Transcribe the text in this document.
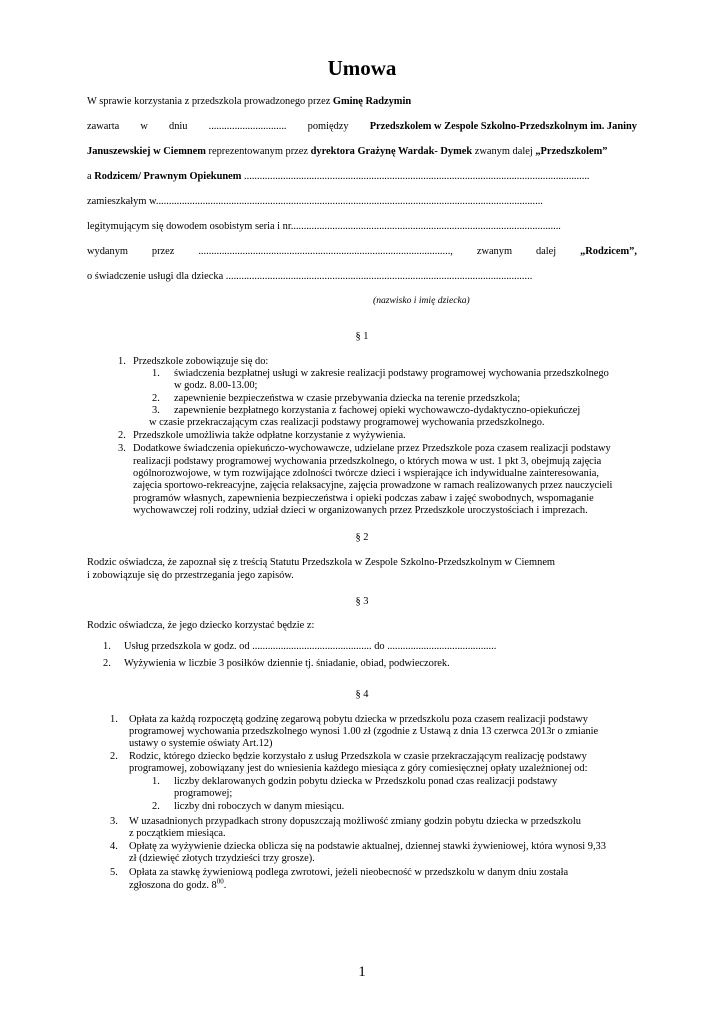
Umowa
W sprawie korzystania z przedszkola prowadzonego przez Gminę Radzymin
zawarta w dniu .............................. pomiędzy Przedszkolem w Zespole Szkolno-Przedszkolnym im. Janiny
Januszewskiej w Ciemnem reprezentowanym przez dyrektora Grażynę Wardak- Dymek zwanym dalej „Przedszkolem”
a Rodzicem/ Prawnym Opiekunem .....................................................................................................................................
zamieszkałym w.....................................................................................................................................................
legitymującym się dowodem osobistym seria i nr........................................................................................................
wydanym przez ................................................................................................., zwanym dalej „Rodzicem”,
o świadczenie usługi dla dziecka ......................................................................................................................
(nazwisko i imię dziecka)
§ 1
1. Przedszkole zobowiązuje się do:
1. świadczenia bezpłatnej usługi w zakresie realizacji podstawy programowej wychowania przedszkolnego
w godz. 8.00-13.00;
2. zapewnienie bezpieczeństwa w czasie przebywania dziecka na terenie przedszkola;
3. zapewnienie bezpłatnego korzystania z fachowej opieki wychowawczo-dydaktyczno-opiekuńczej
w czasie przekraczającym czas realizacji podstawy programowej wychowania przedszkolnego.
2. Przedszkole umożliwia także odpłatne korzystanie z wyżywienia.
3. Dodatkowe świadczenia opiekuńczo-wychowawcze, udzielane przez Przedszkole poza czasem realizacji podstawy
realizacji podstawy programowej wychowania przedszkolnego, o których mowa w ust. 1 pkt 3, obejmują zajęcia
ogólnorozwojowe, w tym rozwijające zdolności twórcze dzieci i wspierające ich indywidualne zainteresowania,
zajęcia sportowo-rekreacyjne, zajęcia relaksacyjne, zajęcia prowadzone w ramach realizowanych przez nauczycieli
programów własnych, zapewnienia bezpieczeństwa i opieki podczas zabaw i zajęć swobodnych, wspomaganie
wychowawczej roli rodziny, udział dzieci w organizowanych przez Przedszkole uroczystościach i imprezach.
§ 2
Rodzic oświadcza, że zapoznał się z treścią Statutu Przedszkola w Zespole Szkolno-Przedszkolnym w Ciemnem
i zobowiązuje się do przestrzegania jego zapisów.
§ 3
Rodzic oświadcza, że jego dziecko korzystać będzie z:
1. Usług przedszkola w godz. od .............................................. do ..........................................
2. Wyżywienia w liczbie 3 posiłków dziennie tj. śniadanie, obiad, podwieczorek.
§ 4
1. Opłata za każdą rozpoczętą godzinę zegarową pobytu dziecka w przedszkolu poza czasem realizacji podstawy
programowej wychowania przedszkolnego wynosi 1.00 zł (zgodnie z Ustawą z dnia 13 czerwca 2013r o zmianie
ustawy o systemie oświaty Art.12)
2. Rodzic, którego dziecko będzie korzystało z usług Przedszkola w czasie przekraczającym realizację podstawy
programowej, zobowiązany jest do wniesienia każdego miesiąca z góry comiesięcznej opłaty uzależnionej od:
1. liczby deklarowanych godzin pobytu dziecka w Przedszkolu ponad czas realizacji podstawy
programowej;
2. liczby dni roboczych w danym miesiącu.
3. W uzasadnionych przypadkach strony dopuszczają możliwość zmiany godzin pobytu dziecka w przedszkolu
z początkiem miesiąca.
4. Opłatę za wyżywienie dziecka oblicza się na podstawie aktualnej, dziennej stawki żywieniowej, która wynosi 9,33
zł (dziewięć złotych trzydzieści trzy grosze).
5. Opłata za stawkę żywieniową podlega zwrotowi, jeżeli nieobecność w przedszkolu w danym dniu została
zgłoszona do godz. $8^{00}$.
1
